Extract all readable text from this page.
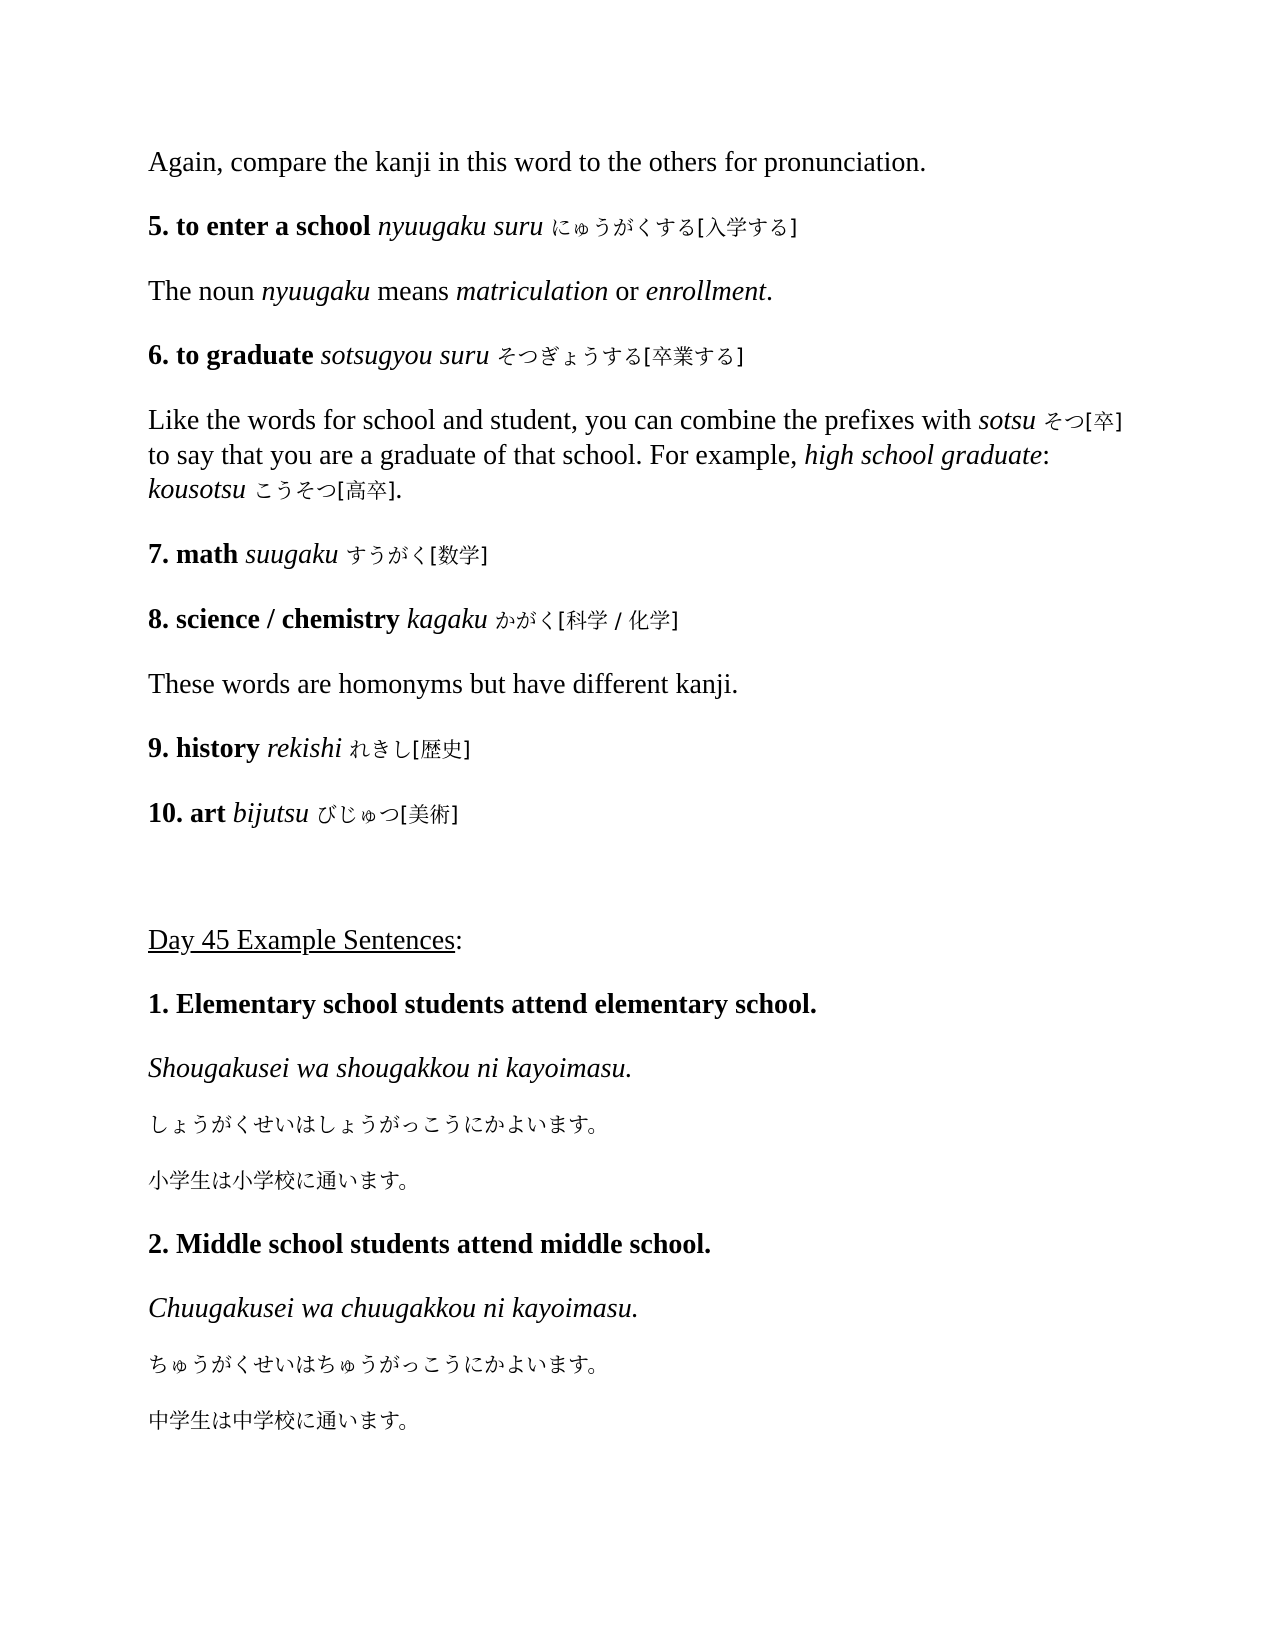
Again, compare the kanji in this word to the others for pronunciation.

5. to enter a school nyuugaku suru にゅうがくする[入学する]

The noun nyuugaku means matriculation or enrollment.

6. to graduate sotsugyou suru そつぎょうする[卒業する]

Like the words for school and student, you can combine the prefixes with sotsu そつ[卒] to say that you are a graduate of that school. For example, high school graduate: kousotsu こうそつ[高卒].

7. math suugaku すうがく[数学]

8. science / chemistry kagaku かがく[科学 / 化学]

These words are homonyms but have different kanji.

9. history rekishi れきし[歴史]

10. art bijutsu びじゅつ[美術]

Day 45 Example Sentences:

1. Elementary school students attend elementary school.

Shougakusei wa shougakkou ni kayoimasu.

しょうがくせいはしょうがっこうにかよいます。

小学生は小学校に通います。

2. Middle school students attend middle school.

Chuugakusei wa chuugakkou ni kayoimasu.

ちゅうがくせいはちゅうがっこうにかよいます。

中学生は中学校に通います。
